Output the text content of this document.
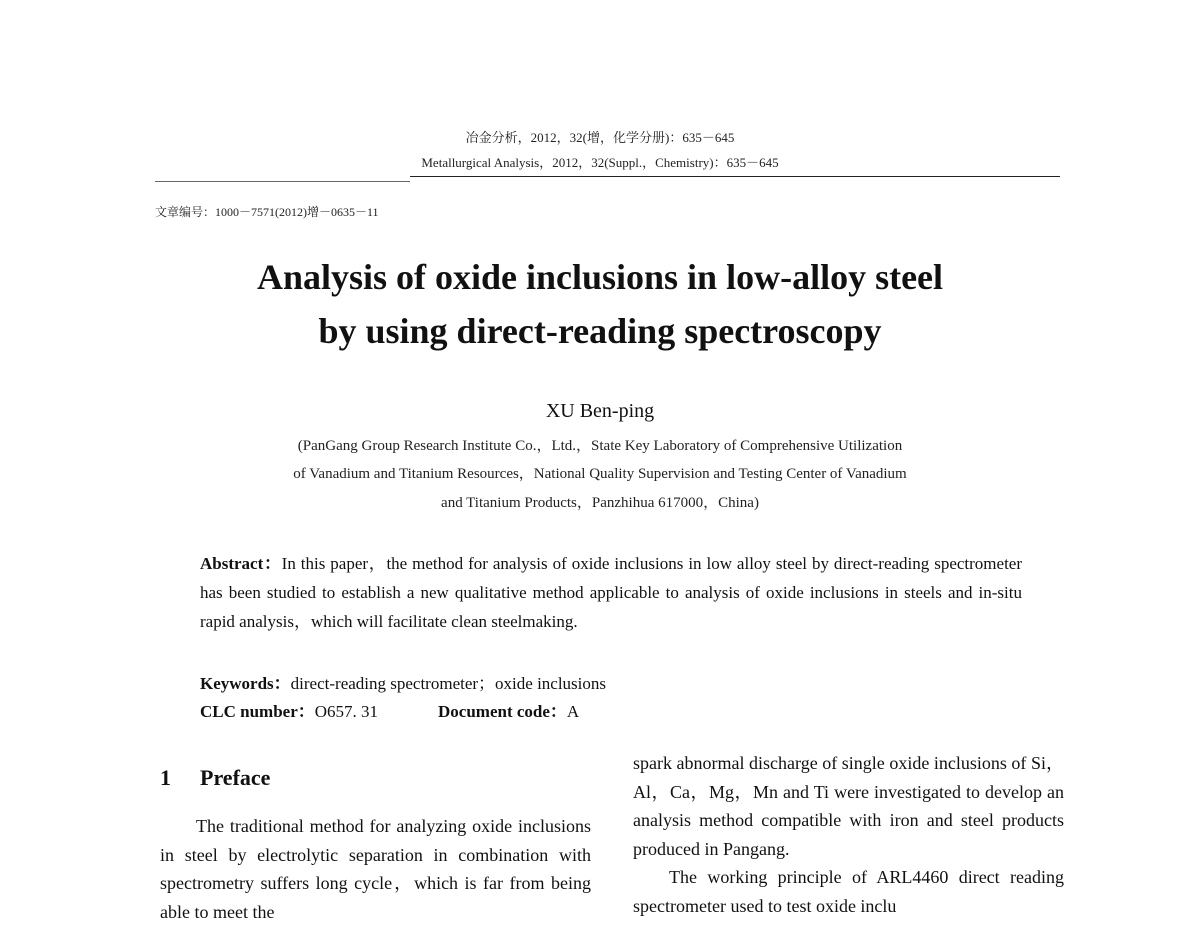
冶金分析，2012，32(增，化学分册)：635－645
Metallurgical Analysis，2012，32(Suppl.，Chemistry)：635－645
文章编号：1000－7571(2012)增－0635－11
Analysis of oxide inclusions in low-alloy steel
by using direct-reading spectroscopy
XU Ben-ping
(PanGang Group Research Institute Co.，Ltd.，State Key Laboratory of Comprehensive Utilization
of Vanadium and Titanium Resources，National Quality Supervision and Testing Center of Vanadium
and Titanium Products，Panzhihua 617000，China)
Abstract：In this paper，the method for analysis of oxide inclusions in low alloy steel by direct-reading spectrometer has been studied to establish a new qualitative method applicable to analysis of oxide inclusions in steels and in-situ rapid analysis，which will facilitate clean steelmaking.
Keywords：direct-reading spectrometer；oxide inclusions
CLC number：O657. 31	Document code：A
1 Preface
The traditional method for analyzing oxide inclusions in steel by electrolytic separation in combination with spectrometry suffers long cycle，which is far from being able to meet the
spark abnormal discharge of single oxide inclusions of Si，Al，Ca，Mg，Mn and Ti were investigated to develop an analysis method compatible with iron and steel products produced in Pangang.
The working principle of ARL4460 direct reading spectrometer used to test oxide inclu
